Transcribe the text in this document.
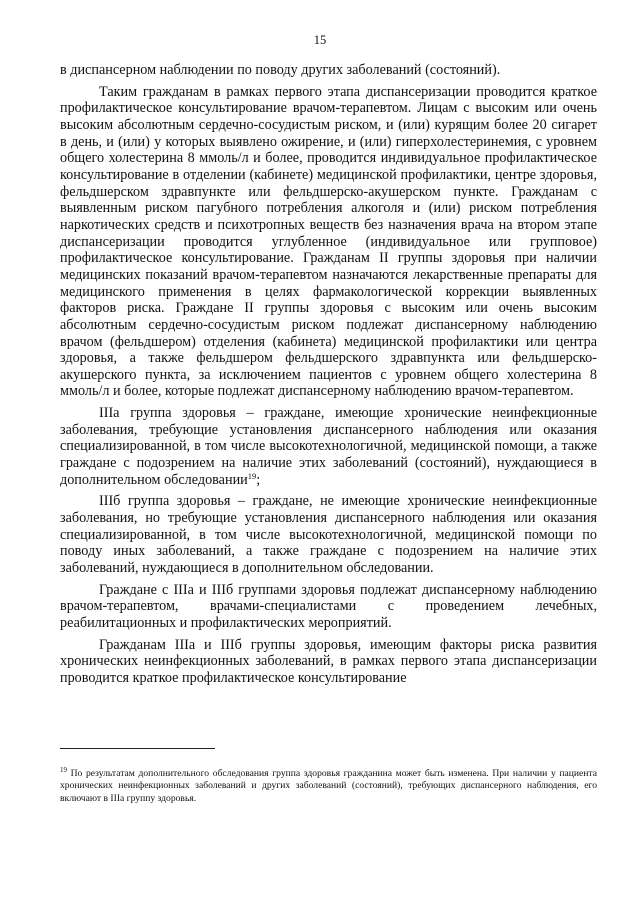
15

в диспансерном наблюдении по поводу других заболеваний (состояний).

Таким гражданам в рамках первого этапа диспансеризации проводится краткое профилактическое консультирование врачом-терапевтом. Лицам с высоким или очень высоким абсолютным сердечно-сосудистым риском, и (или) курящим более 20 сигарет в день, и (или) у которых выявлено ожирение, и (или) гиперхолестеринемия, с уровнем общего холестерина 8 ммоль/л и более, проводится индивидуальное профилактическое консультирование в отделении (кабинете) медицинской профилактики, центре здоровья, фельдшерском здравпункте или фельдшерско-акушерском пункте. Гражданам с выявленным риском пагубного потребления алкоголя и (или) риском потребления наркотических средств и психотропных веществ без назначения врача на втором этапе диспансеризации проводится углубленное (индивидуальное или групповое) профилактическое консультирование. Гражданам II группы здоровья при наличии медицинских показаний врачом-терапевтом назначаются лекарственные препараты для медицинского применения в целях фармакологической коррекции выявленных факторов риска. Граждане II группы здоровья с высоким или очень высоким абсолютным сердечно-сосудистым риском подлежат диспансерному наблюдению врачом (фельдшером) отделения (кабинета) медицинской профилактики или центра здоровья, а также фельдшером фельдшерского здравпункта или фельдшерско-акушерского пункта, за исключением пациентов с уровнем общего холестерина 8 ммоль/л и более, которые подлежат диспансерному наблюдению врачом-терапевтом.

IIIа группа здоровья – граждане, имеющие хронические неинфекционные заболевания, требующие установления диспансерного наблюдения или оказания специализированной, в том числе высокотехнологичной, медицинской помощи, а также граждане с подозрением на наличие этих заболеваний (состояний), нуждающиеся в дополнительном обследовании$^{19}$;

IIIб группа здоровья – граждане, не имеющие хронические неинфекционные заболевания, но требующие установления диспансерного наблюдения или оказания специализированной, в том числе высокотехнологичной, медицинской помощи по поводу иных заболеваний, а также граждане с подозрением на наличие этих заболеваний, нуждающиеся в дополнительном обследовании.

Граждане с IIIа и IIIб группами здоровья подлежат диспансерному наблюдению врачом-терапевтом, врачами-специалистами с проведением лечебных, реабилитационных и профилактических мероприятий.

Гражданам IIIа и IIIб группы здоровья, имеющим факторы риска развития хронических неинфекционных заболеваний, в рамках первого этапа диспансеризации проводится краткое профилактическое консультирование

$^{19}$ По результатам дополнительного обследования группа здоровья гражданина может быть изменена. При наличии у пациента хронических неинфекционных заболеваний и других заболеваний (состояний), требующих диспансерного наблюдения, его включают в IIIа группу здоровья.
